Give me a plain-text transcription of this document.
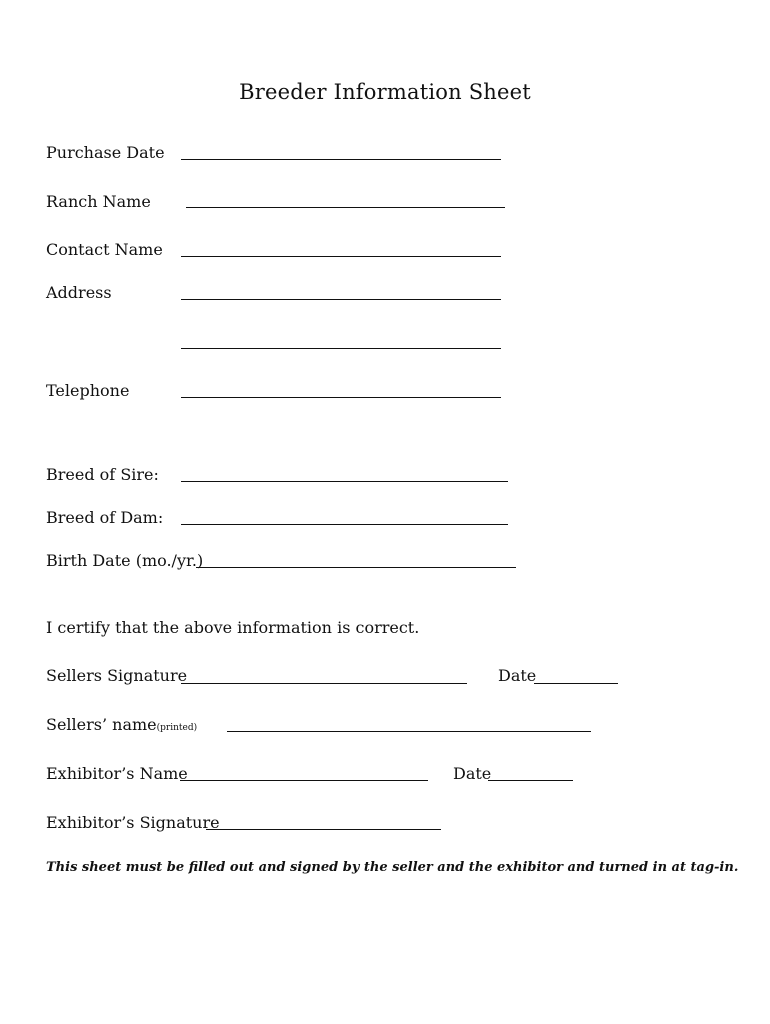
Breeder Information Sheet
Purchase Date
Ranch Name
Contact Name
Address
Telephone
Breed of Sire:
Breed of Dam:
Birth Date (mo./yr.)
I certify that the above information is correct.
Sellers Signature	Date
Sellers’ name(printed)
Exhibitor’s Name	Date
Exhibitor’s Signature
This sheet must be filled out and signed by the seller and the exhibitor and turned in at tag-in.
